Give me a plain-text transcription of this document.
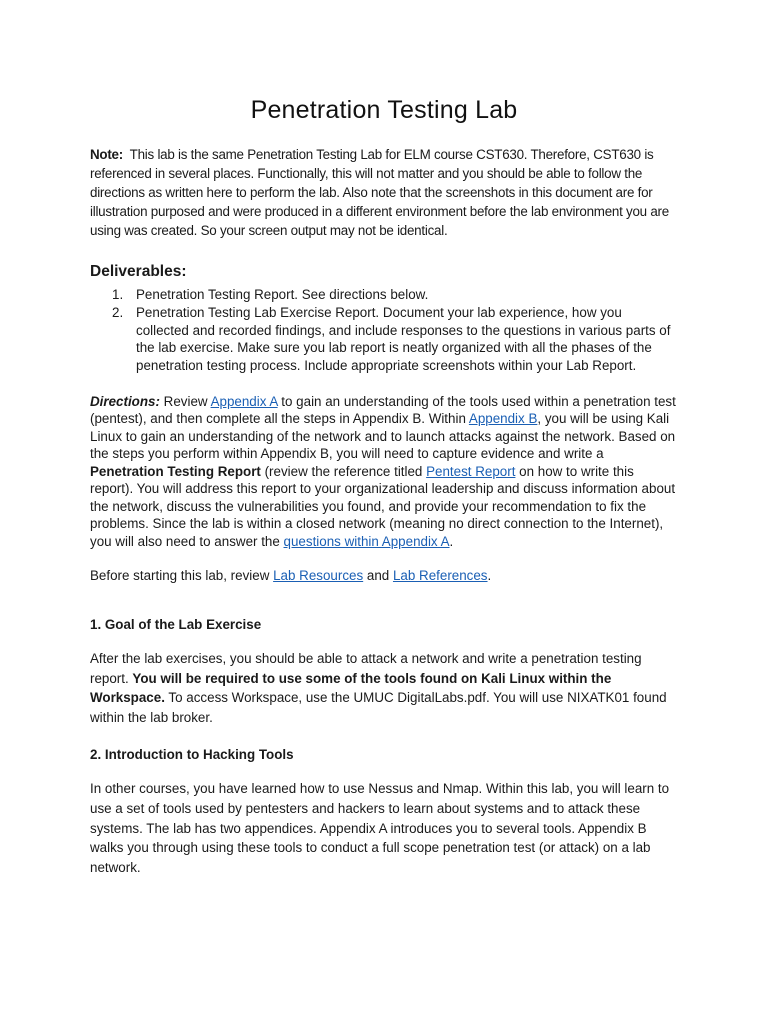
Penetration Testing Lab

Note: This lab is the same Penetration Testing Lab for ELM course CST630. Therefore, CST630 is referenced in several places. Functionally, this will not matter and you should be able to follow the directions as written here to perform the lab. Also note that the screenshots in this document are for illustration purposed and were produced in a different environment before the lab environment you are using was created. So your screen output may not be identical.

Deliverables:
1. Penetration Testing Report. See directions below.
2. Penetration Testing Lab Exercise Report. Document your lab experience, how you collected and recorded findings, and include responses to the questions in various parts of the lab exercise. Make sure you lab report is neatly organized with all the phases of the penetration testing process. Include appropriate screenshots within your Lab Report.

Directions: Review Appendix A to gain an understanding of the tools used within a penetration test (pentest), and then complete all the steps in Appendix B. Within Appendix B, you will be using Kali Linux to gain an understanding of the network and to launch attacks against the network. Based on the steps you perform within Appendix B, you will need to capture evidence and write a Penetration Testing Report (review the reference titled Pentest Report on how to write this report). You will address this report to your organizational leadership and discuss information about the network, discuss the vulnerabilities you found, and provide your recommendation to fix the problems. Since the lab is within a closed network (meaning no direct connection to the Internet), you will also need to answer the questions within Appendix A.

Before starting this lab, review Lab Resources and Lab References.

1. Goal of the Lab Exercise

After the lab exercises, you should be able to attack a network and write a penetration testing report. You will be required to use some of the tools found on Kali Linux within the Workspace. To access Workspace, use the UMUC DigitalLabs.pdf. You will use NIXATK01 found within the lab broker.

2. Introduction to Hacking Tools

In other courses, you have learned how to use Nessus and Nmap. Within this lab, you will learn to use a set of tools used by pentesters and hackers to learn about systems and to attack these systems. The lab has two appendices. Appendix A introduces you to several tools. Appendix B walks you through using these tools to conduct a full scope penetration test (or attack) on a lab network.
